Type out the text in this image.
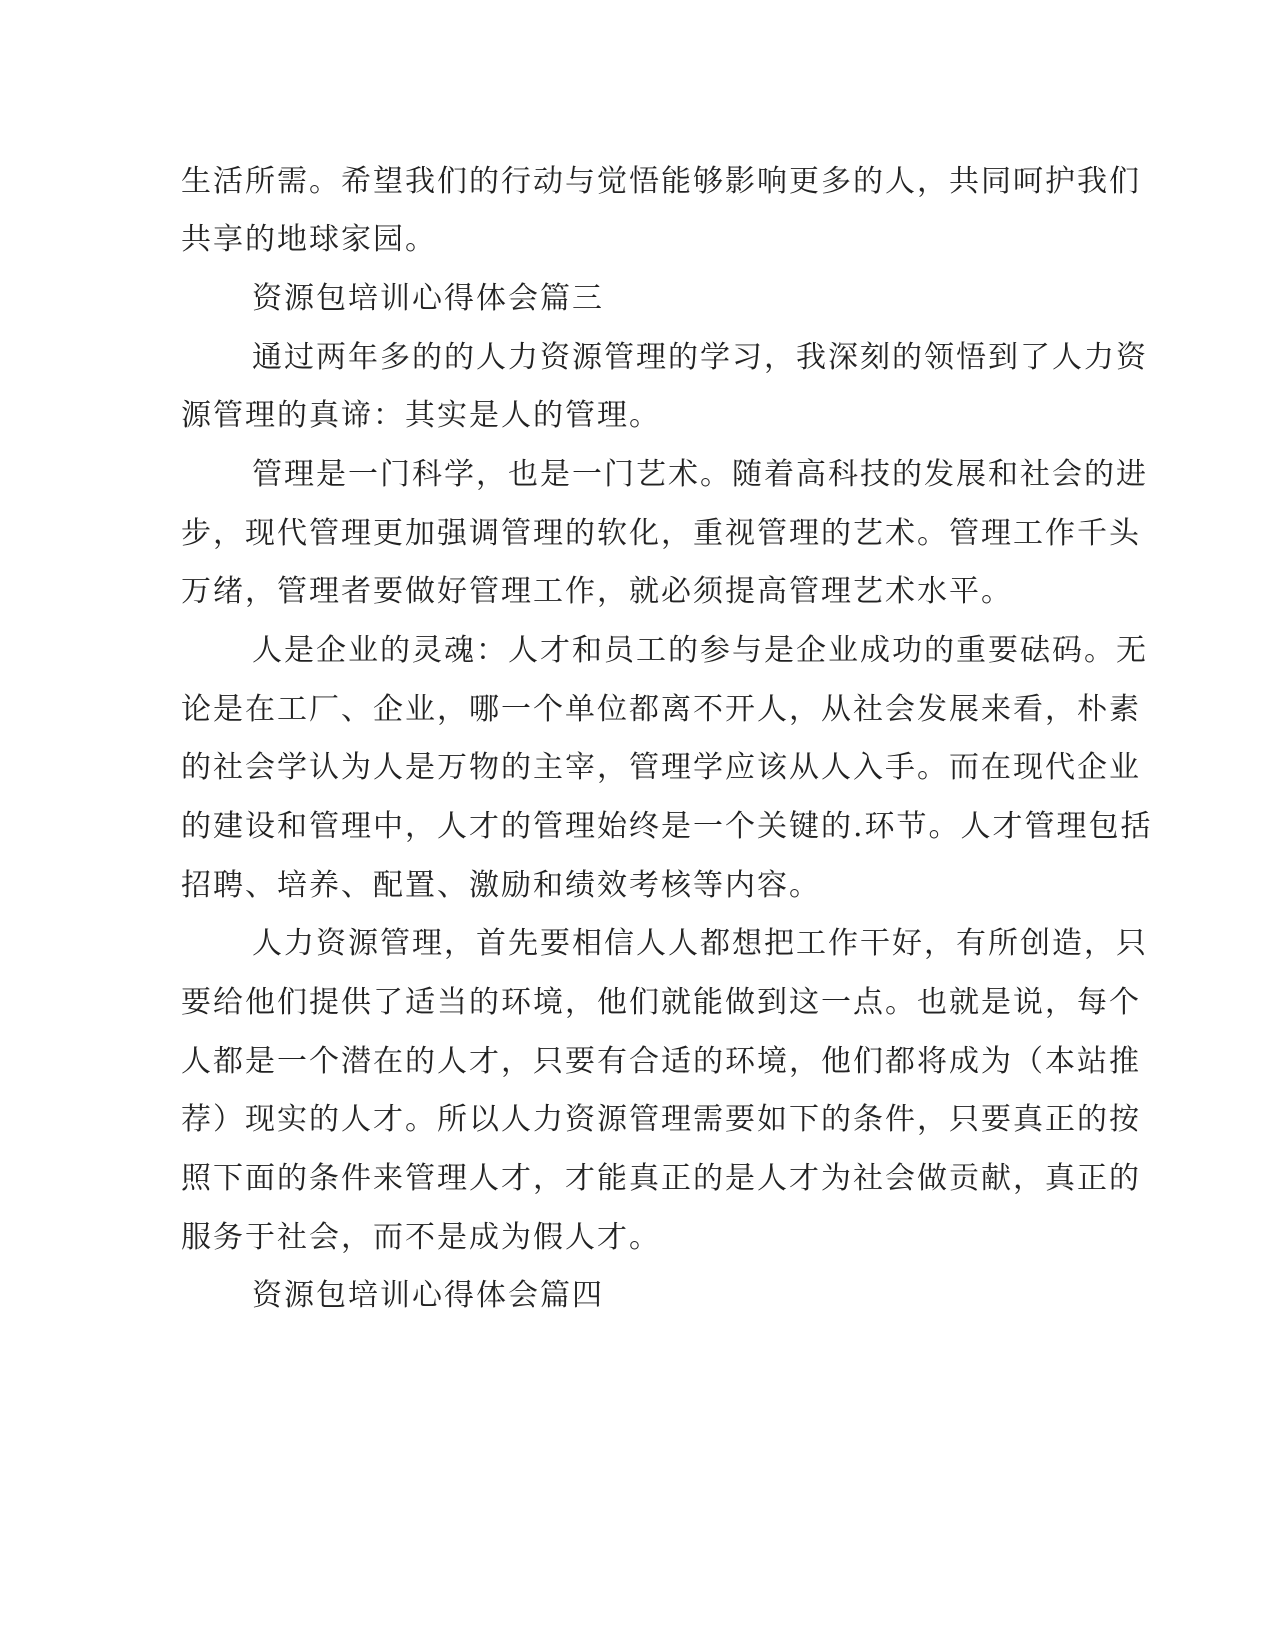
生活所需。希望我们的行动与觉悟能够影响更多的人，共同呵护我们

共享的地球家园。

资源包培训心得体会篇三

通过两年多的的人力资源管理的学习，我深刻的领悟到了人力资

源管理的真谛：其实是人的管理。

管理是一门科学，也是一门艺术。随着高科技的发展和社会的进

步，现代管理更加强调管理的软化，重视管理的艺术。管理工作千头

万绪，管理者要做好管理工作，就必须提高管理艺术水平。

人是企业的灵魂：人才和员工的参与是企业成功的重要砝码。无

论是在工厂、企业，哪一个单位都离不开人，从社会发展来看，朴素

的社会学认为人是万物的主宰，管理学应该从人入手。而在现代企业

的建设和管理中，人才的管理始终是一个关键的.环节。人才管理包括

招聘、培养、配置、激励和绩效考核等内容。

人力资源管理，首先要相信人人都想把工作干好，有所创造，只

要给他们提供了适当的环境，他们就能做到这一点。也就是说，每个

人都是一个潜在的人才，只要有合适的环境，他们都将成为（本站推

荐）现实的人才。所以人力资源管理需要如下的条件，只要真正的按

照下面的条件来管理人才，才能真正的是人才为社会做贡献，真正的

服务于社会，而不是成为假人才。

资源包培训心得体会篇四
